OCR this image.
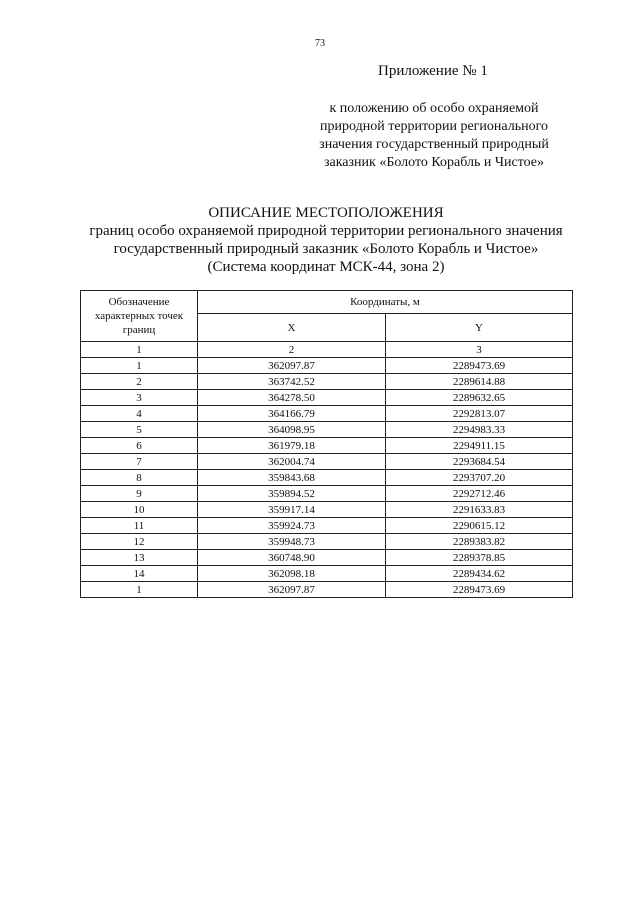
73
Приложение № 1
к положению об особо охраняемой
природной территории регионального
значения государственный природный
заказник «Болото Корабль и Чистое»
ОПИСАНИЕ МЕСТОПОЛОЖЕНИЯ
границ особо охраняемой природной территории регионального значения
государственный природный заказник «Болото Корабль и Чистое»
(Система координат МСК-44, зона 2)
Обозначение характерных точек границ	Координаты, м	
	X	Y
1	2	3
1	362097.87	2289473.69
2	363742.52	2289614.88
3	364278.50	2289632.65
4	364166.79	2292813.07
5	364098.95	2294983.33
6	361979.18	2294911.15
7	362004.74	2293684.54
8	359843.68	2293707.20
9	359894.52	2292712.46
10	359917.14	2291633.83
11	359924.73	2290615.12
12	359948.73	2289383.82
13	360748.90	2289378.85
14	362098.18	2289434.62
1	362097.87	2289473.69
